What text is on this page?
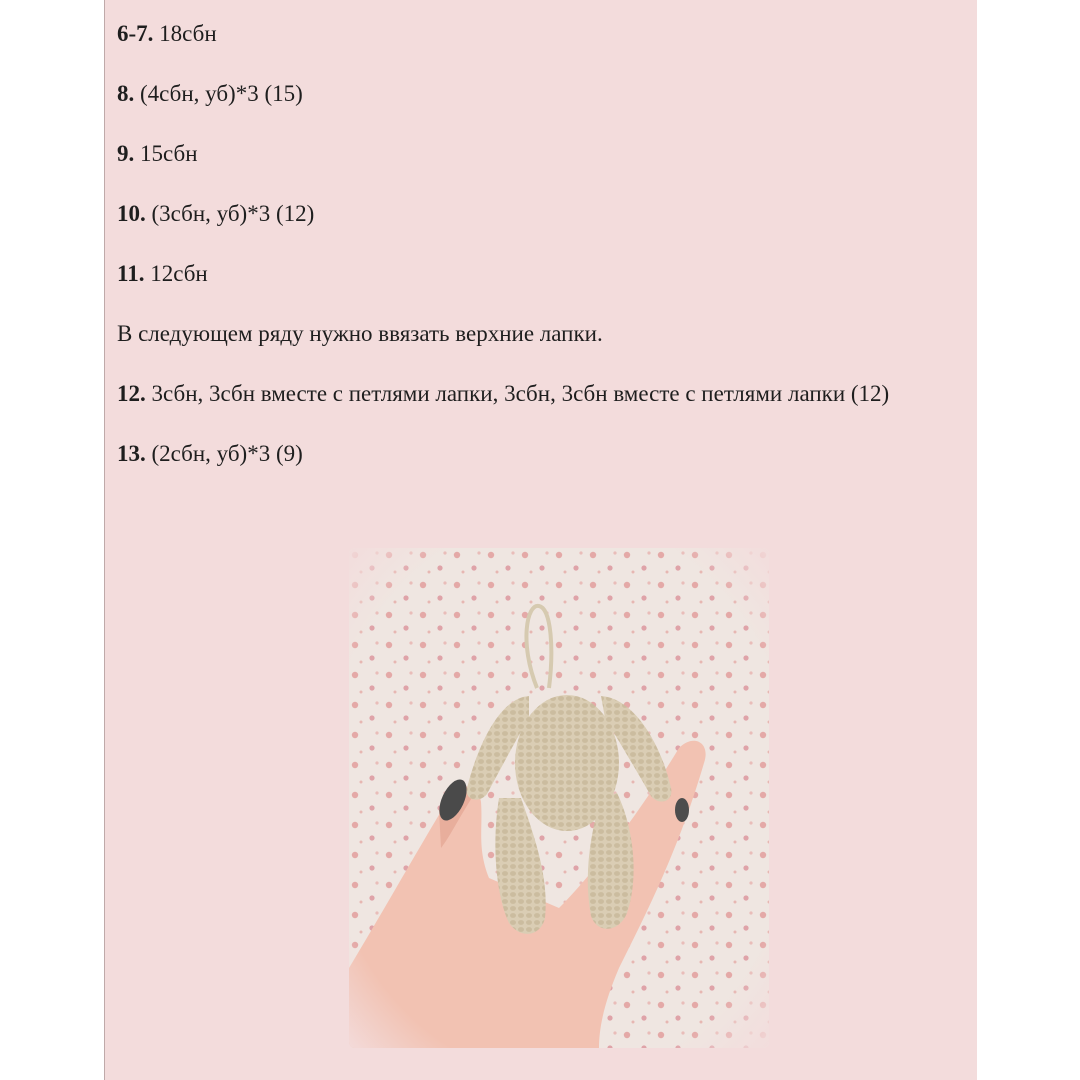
6-7. 18сбн

8. (4сбн, уб)*3 (15)

9. 15сбн

10. (3сбн, уб)*3 (12)

11. 12сбн

В следующем ряду нужно ввязать верхние лапки.

12. 3сбн, 3сбн вместе с петлями лапки, 3сбн, 3сбн вместе с петлями лапки (12)

13. (2сбн, уб)*3 (9)
